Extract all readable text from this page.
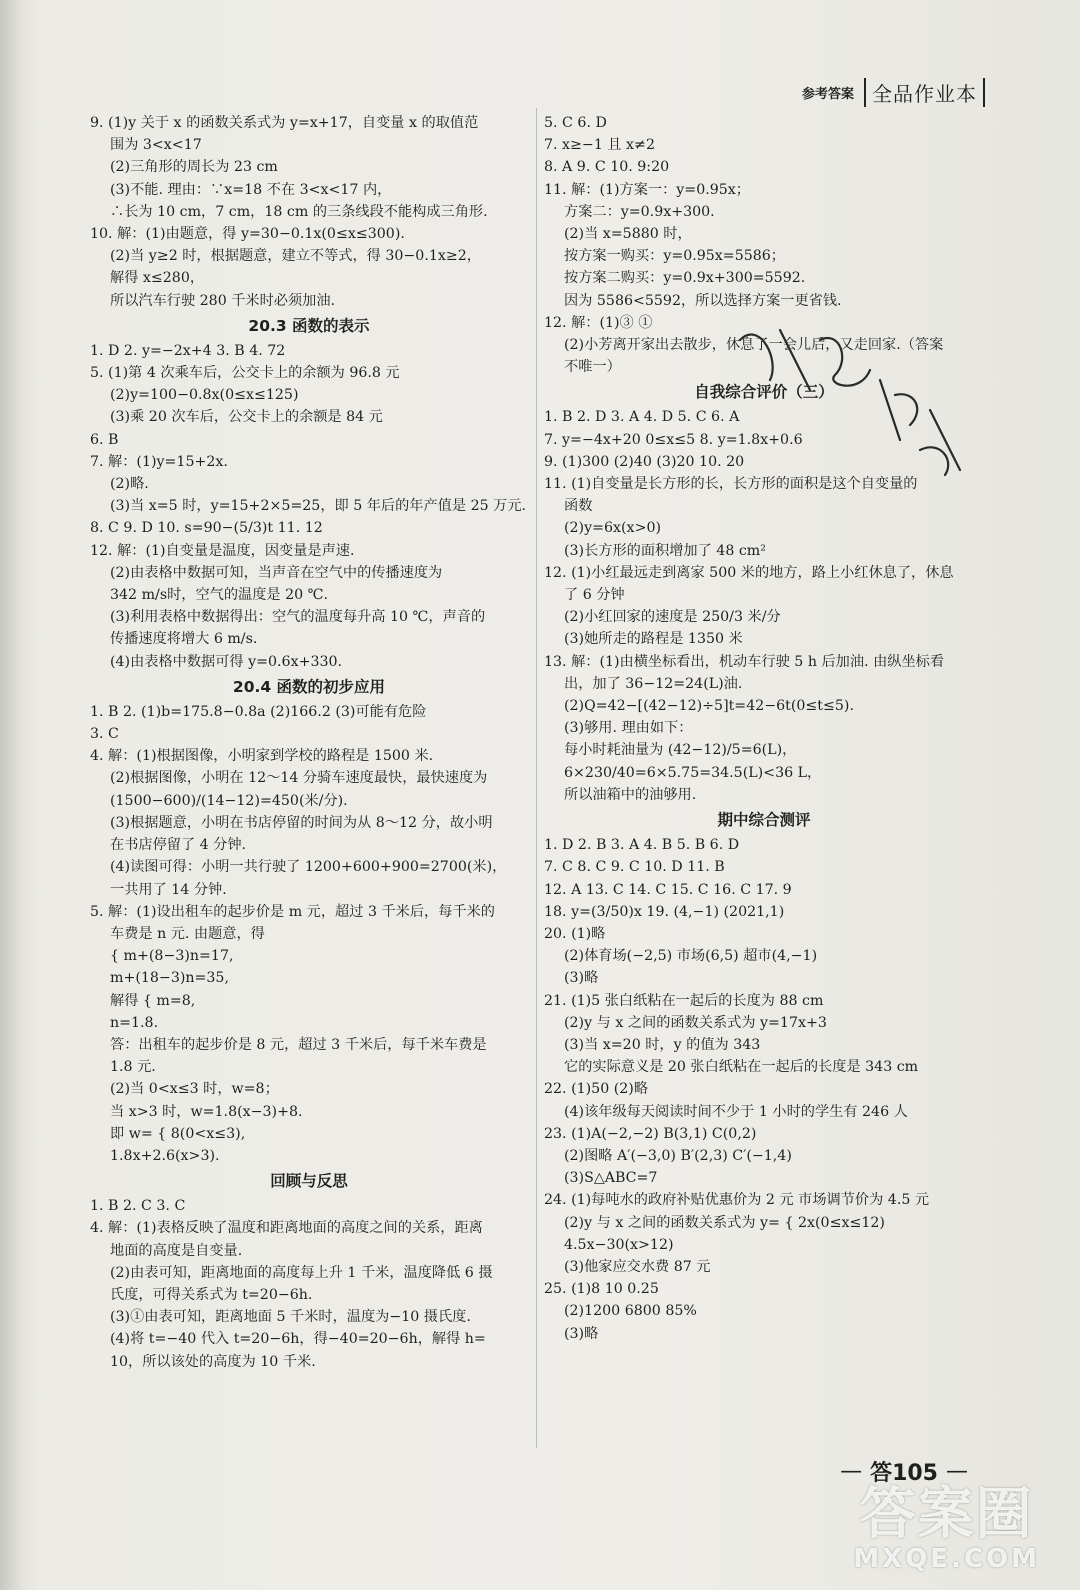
参考答案 全品作业本
9. (1)y 关于 x 的函数关系式为 y=x+17，自变量 x 的取值范
围为 3<x<17
(2)三角形的周长为 23 cm
(3)不能. 理由：∵x=18 不在 3<x<17 内，
∴长为 10 cm，7 cm，18 cm 的三条线段不能构成三角形.
10. 解：(1)由题意，得 y=30−0.1x(0≤x≤300).
(2)当 y≥2 时，根据题意，建立不等式，得 30−0.1x≥2，
解得 x≤280，
所以汽车行驶 280 千米时必须加油.
20.3 函数的表示
1. D 2. y=−2x+4 3. B 4. 72
5. (1)第 4 次乘车后，公交卡上的余额为 96.8 元
(2)y=100−0.8x(0≤x≤125)
(3)乘 20 次车后，公交卡上的余额是 84 元
6. B
7. 解：(1)y=15+2x.
(2)略.
(3)当 x=5 时，y=15+2×5=25，即 5 年后的年产值是 25 万元.
8. C 9. D 10. s=90−(5/3)t 11. 12
12. 解：(1)自变量是温度，因变量是声速.
(2)由表格中数据可知，当声音在空气中的传播速度为
342 m/s时，空气的温度是 20 ℃.
(3)利用表格中数据得出：空气的温度每升高 10 ℃，声音的
传播速度将增大 6 m/s.
(4)由表格中数据可得 y=0.6x+330.
20.4 函数的初步应用
1. B 2. (1)b=175.8−0.8a (2)166.2 (3)可能有危险
3. C
4. 解：(1)根据图像，小明家到学校的路程是 1500 米.
(2)根据图像，小明在 12～14 分骑车速度最快，最快速度为
(1500−600)/(14−12)=450(米/分).
(3)根据题意，小明在书店停留的时间为从 8～12 分，故小明
在书店停留了 4 分钟.
(4)读图可得：小明一共行驶了 1200+600+900=2700(米)，
一共用了 14 分钟.
5. 解：(1)设出租车的起步价是 m 元，超过 3 千米后，每千米的
车费是 n 元. 由题意，得
{ m+(8−3)n=17,
m+(18−3)n=35,
解得 { m=8,
n=1.8.
答：出租车的起步价是 8 元，超过 3 千米后，每千米车费是
1.8 元.
(2)当 0<x≤3 时，w=8；
当 x>3 时，w=1.8(x−3)+8.
即 w= { 8(0<x≤3),
1.8x+2.6(x>3).
回顾与反思
1. B 2. C 3. C
4. 解：(1)表格反映了温度和距离地面的高度之间的关系，距离
地面的高度是自变量.
(2)由表可知，距离地面的高度每上升 1 千米，温度降低 6 摄
氏度，可得关系式为 t=20−6h.
(3)①由表可知，距离地面 5 千米时，温度为−10 摄氏度.
(4)将 t=−40 代入 t=20−6h，得−40=20−6h，解得 h=
10，所以该处的高度为 10 千米.
5. C 6. D
7. x≥−1 且 x≠2
8. A 9. C 10. 9:20
11. 解：(1)方案一：y=0.95x；
方案二：y=0.9x+300.
(2)当 x=5880 时，
按方案一购买：y=0.95x=5586；
按方案二购买：y=0.9x+300=5592.
因为 5586<5592，所以选择方案一更省钱.
12. 解：(1)③ ①
(2)小芳离开家出去散步，休息了一会儿后，又走回家.（答案
不唯一）
自我综合评价（三）
1. B 2. D 3. A 4. D 5. C 6. A
7. y=−4x+20 0≤x≤5 8. y=1.8x+0.6
9. (1)300 (2)40 (3)20 10. 20
11. (1)自变量是长方形的长，长方形的面积是这个自变量的
函数
(2)y=6x(x>0)
(3)长方形的面积增加了 48 cm²
12. (1)小红最远走到离家 500 米的地方，路上小红休息了，休息
了 6 分钟
(2)小红回家的速度是 250/3 米/分
(3)她所走的路程是 1350 米
13. 解：(1)由横坐标看出，机动车行驶 5 h 后加油. 由纵坐标看
出，加了 36−12=24(L)油.
(2)Q=42−[(42−12)÷5]t=42−6t(0≤t≤5).
(3)够用. 理由如下：
每小时耗油量为 (42−12)/5=6(L)，
6×230/40=6×5.75=34.5(L)<36 L，
所以油箱中的油够用.
期中综合测评
1. D 2. B 3. A 4. B 5. B 6. D
7. C 8. C 9. C 10. D 11. B
12. A 13. C 14. C 15. C 16. C 17. 9
18. y=(3/50)x 19. (4,−1) (2021,1)
20. (1)略
(2)体育场(−2,5) 市场(6,5) 超市(4,−1)
(3)略
21. (1)5 张白纸粘在一起后的长度为 88 cm
(2)y 与 x 之间的函数关系式为 y=17x+3
(3)当 x=20 时，y 的值为 343
它的实际意义是 20 张白纸粘在一起后的长度是 343 cm
22. (1)50 (2)略
(4)该年级每天阅读时间不少于 1 小时的学生有 246 人
23. (1)A(−2,−2) B(3,1) C(0,2)
(2)图略 A′(−3,0) B′(2,3) C′(−1,4)
(3)S△ABC=7
24. (1)每吨水的政府补贴优惠价为 2 元 市场调节价为 4.5 元
(2)y 与 x 之间的函数关系式为 y= { 2x(0≤x≤12)
4.5x−30(x>12)
(3)他家应交水费 87 元
25. (1)8 10 0.25
(2)1200 6800 85%
(3)略
— 答105 —
答案圈
MXQE.COM
